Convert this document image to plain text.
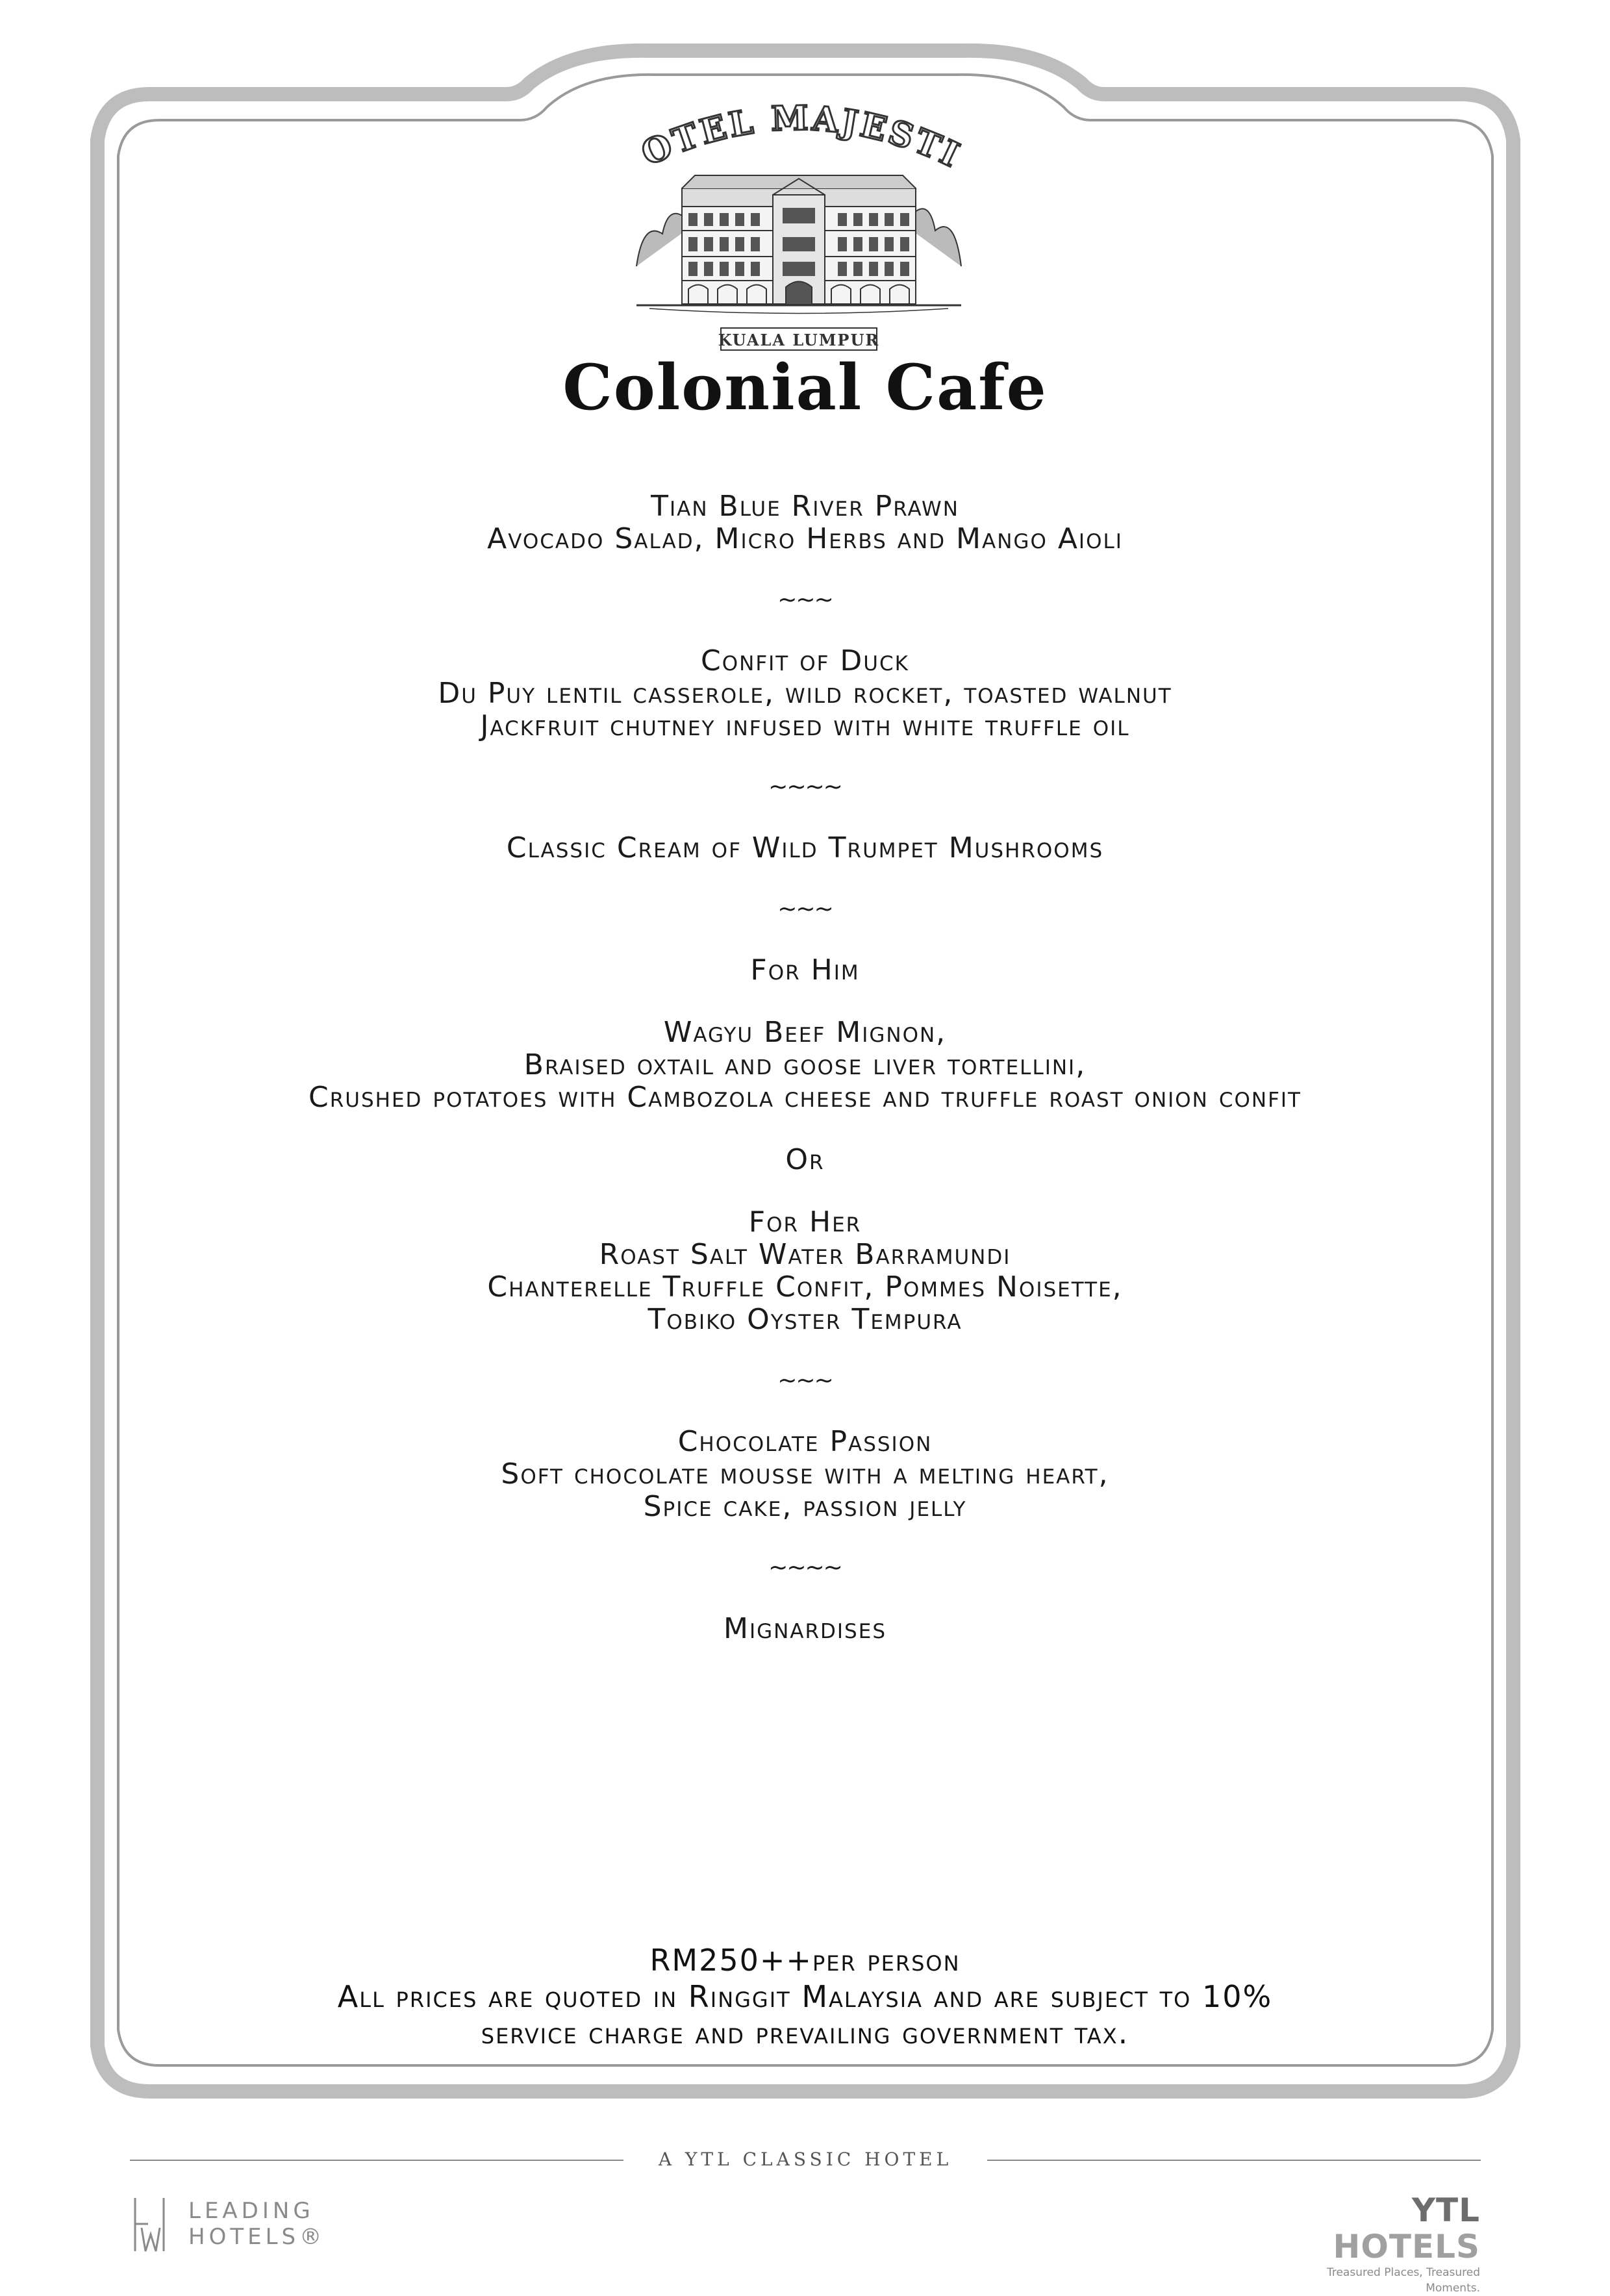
OTEL MAJESTI
KUALA LUMPUR
Colonial Cafe
Tian Blue River Prawn
Avocado Salad, Micro Herbs and Mango Aioli
~~~
Confit of Duck
Du Puy lentil casserole, wild rocket, toasted walnut
Jackfruit chutney infused with white truffle oil
~~~~
Classic Cream of Wild Trumpet Mushrooms
~~~
For Him
Wagyu Beef Mignon,
Braised oxtail and goose liver tortellini,
Crushed potatoes with Cambozola cheese and truffle roast onion confit
Or
For Her
Roast Salt Water Barramundi
Chanterelle Truffle Confit, Pommes Noisette,
Tobiko Oyster Tempura
~~~
Chocolate Passion
Soft chocolate mousse with a melting heart,
Spice cake, passion jelly
~~~~
Mignardises
RM250++per person
All prices are quoted in Ringgit Malaysia and are subject to 10%
service charge and prevailing government tax.
A YTL CLASSIC HOTEL
LEADING
HOTELS®
YTL HOTELS
Treasured Places, Treasured Moments.
